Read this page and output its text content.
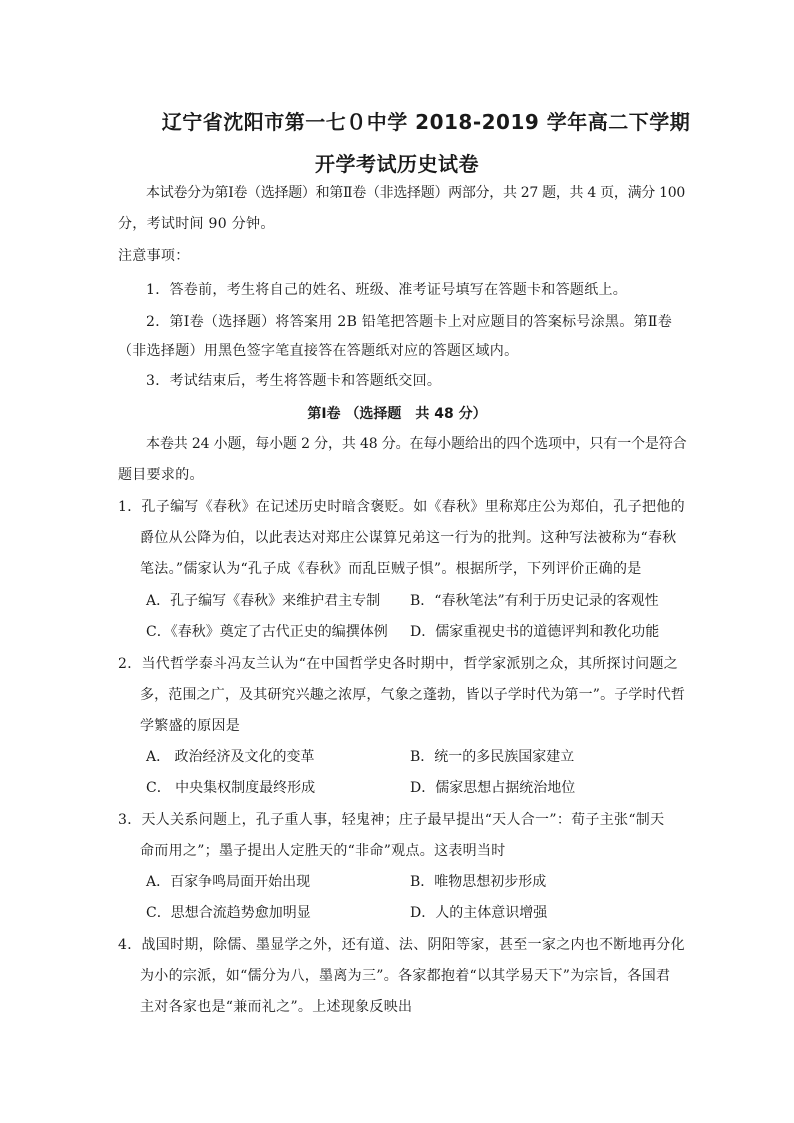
辽宁省沈阳市第一七０中学 2018-2019 学年高二下学期
开学考试历史试卷
本试卷分为第Ⅰ卷（选择题）和第Ⅱ卷（非选择题）两部分，共 27 题，共 4 页，满分 100
分，考试时间 90 分钟。
注意事项：
1．答卷前，考生将自己的姓名、班级、准考证号填写在答题卡和答题纸上。
2．第Ⅰ卷（选择题）将答案用 2B 铅笔把答题卡上对应题目的答案标号涂黑。第Ⅱ卷
（非选择题）用黑色签字笔直接答在答题纸对应的答题区域内。
3．考试结束后，考生将答题卡和答题纸交回。
第Ⅰ卷 （选择题　共 48 分）
本卷共 24 小题，每小题 2 分，共 48 分。在每小题给出的四个选项中，只有一个是符合
题目要求的。
1．孔子编写《春秋》在记述历史时暗含褒贬。如《春秋》里称郑庄公为郑伯，孔子把他的
爵位从公降为伯，以此表达对郑庄公谋算兄弟这一行为的批判。这种写法被称为“春秋
笔法。”儒家认为“孔子成《春秋》而乱臣贼子惧”。根据所学，下列评价正确的是
A．孔子编写《春秋》来维护君主专制 B．“春秋笔法”有利于历史记录的客观性
C．《春秋》奠定了古代正史的编撰体例 D．儒家重视史书的道德评判和教化功能
2．当代哲学泰斗冯友兰认为“在中国哲学史各时期中，哲学家派别之众，其所探讨问题之
多，范围之广，及其研究兴趣之浓厚，气象之蓬勃，皆以子学时代为第一”。子学时代哲
学繁盛的原因是
A． 政治经济及文化的变革	B．统一的多民族国家建立
C． 中央集权制度最终形成	D．儒家思想占据统治地位
3．天人关系问题上，孔子重人事，轻鬼神；庄子最早提出“天人合一”：荀子主张“制天
命而用之”；墨子提出人定胜天的“非命”观点。这表明当时
A．百家争鸣局面开始出现	B．唯物思想初步形成
C．思想合流趋势愈加明显	D．人的主体意识增强
4．战国时期，除儒、墨显学之外，还有道、法、阴阳等家，甚至一家之内也不断地再分化
为小的宗派，如“儒分为八，墨离为三”。各家都抱着“以其学易天下”为宗旨，各国君
主对各家也是“兼而礼之”。上述现象反映出
